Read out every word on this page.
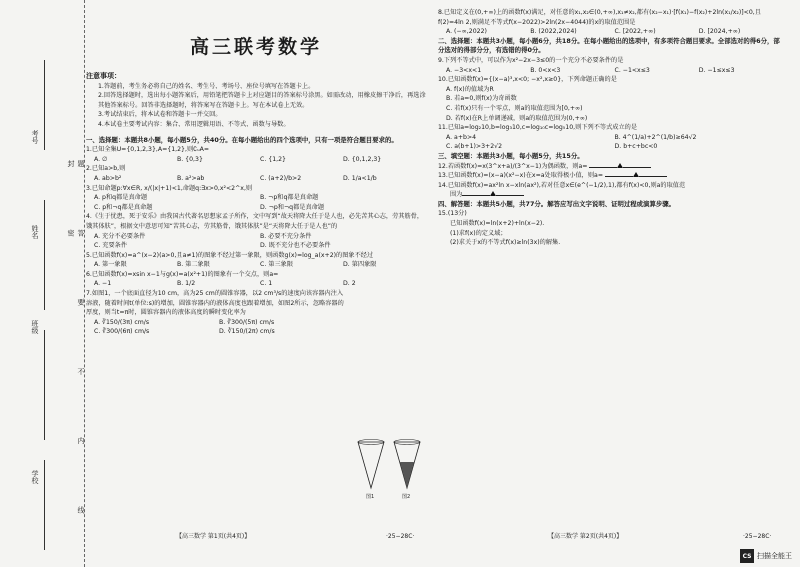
考号
姓名
班级
学校	题 答 要 不 内 线 封 密
高三联考数学
注意事项：
1.答题前，考生务必将自己的姓名、考生号、考场号、座位号填写在答题卡上。
2.回答选择题时，选出每小题答案后，用铅笔把答题卡上对应题目的答案标号涂黑。如需改动，用橡皮擦干净后，再选涂其他答案标号。回答非选择题时，将答案写在答题卡上。写在本试卷上无效。
3.考试结束后，将本试卷和答题卡一并交回。
4.本试卷主要考试内容：集合、常用逻辑用语、不等式、函数与导数。
一、选择题：本题共8小题，每小题5分，共40分。在每小题给出的四个选项中，只有一项是符合题目要求的。
1.已知全集U={0,1,2,3},A={1,2},则∁ᵤA=
A. ∅	B. {0,3}	C. {1,2}	D. {0,1,2,3}
2.已知a>b,则
A. ab>b²	B. a²>ab	C. (a+2)/b>2	D. 1/a<1/b
3.已知命题p:∀x∈R, x/(|x|+1)<1,命题q:∃x>0,x²<2^x,则
A. p和q都是真命题	B. ¬p和q都是真命题
C. p和¬q都是真命题	D. ¬p和¬q都是真命题
4.《生于忧患，死于安乐》由我国古代著名思想家孟子所作，文中写到“故天将降大任于是人也，必先苦其心志，劳其筋骨，饿其体肤”，根据文中意思可知“苦其心志，劳其筋骨，饿其体肤”是“天将降大任于是人也”的
A. 充分不必要条件	B. 必要不充分条件
C. 充要条件	D. 既不充分也不必要条件
5.已知函数f(x)=a^(x−2)(a>0,且a≠1)的图象不经过第一象限，则函数g(x)=log_a(x+2)的图象不经过
A. 第一象限	B. 第二象限	C. 第三象限	D. 第四象限
6.已知函数f(x)=xsin x−1与g(x)=a(x²+1)的图象有一个交点，则a=
A. −1	B. 1/2	C. 1	D. 2
7.如图1，一个底面直径为10 cm，高为25 cm的圆锥容器，以2 cm³/s的速度向该容器内注入溶液，随着时间t(单位:s)的增加，圆锥容器内的液体高度也跟着增加，如图2所示，忽略容器的厚度，则当t=π时，圆锥容器内的液体高度的瞬时变化率为
A. ∛150/(3π) cm/s	B. ∛300/(5π) cm/s
C. ∛300/(6π) cm/s	D. ∛150/(2π) cm/s
图1	图2
【高三数学 第1页(共4页)】	·25−28C·
8.已知定义在(0,+∞)上的函数f(x)满足，对任意的x₁,x₂∈(0,+∞),x₁≠x₂,都有(x₂−x₁)·[f(x₁)−f(x₂)+2ln(x₁/x₂)]<0,且f(2)=4ln 2,则满足不等式f(x−2022)>2ln(2x−4044)的x的取值范围是
A. (−∞,2022)	B. (2022,2024)	C. [2022,+∞)	D. [2024,+∞)
二、选择题：本题共3小题，每小题6分，共18分。在每小题给出的选项中，有多项符合题目要求。全部选对的得6分，部分选对的得部分分，有选错的得0分。
9.下列不等式中，可以作为x²−2x−3≤0的一个充分不必要条件的是
A. −3<x<1	B. 0<x<3	C. −1<x≤3	D. −1≤x≤3
10.已知函数f(x)={(x−a)³,x<0; −x²,x≥0}，下列命题正确的是
A. f(x)的值域为R
B. 若a=0,则f(x)为奇函数
C. 若f(x)只有一个零点，则a的取值范围为[0,+∞)
D. 若f(x)在R上单调递减，则a的取值范围为(0,+∞)
11.已知a=log₂10,b=log₃10,c=log₁₀c=log₅10,则下列不等式成立的是
A. a+b>4	B. 4^(1/a)+2^(1/b)≥64√2
C. a(b+1)>3+2√2	D. b+c+bc<0
三、填空题：本题共3小题，每小题5分，共15分。
12.若函数f(x)=x(3^x+a)/(3^x−1)为偶函数，则a=
13.已知函数f(x)=(x−a)(x²−x)在x=a处取得极小值，则a=
14.已知函数f(x)=ax²ln x−xln(ax²),若对任意x∈(e^(−1/2),1),都有f(x)<0,则a的取值范
围为
四、解答题：本题共5小题，共77分。解答应写出文字说明、证明过程或演算步骤。
15.(13分)
已知函数f(x)=ln(x+2)+ln(x−2).
(1)求f(x)的定义域；
(2)求关于x的不等式f(x)≥ln(3x)的解集.
【高三数学 第2页(共4页)】	·25−28C·
CS 扫描全能王
